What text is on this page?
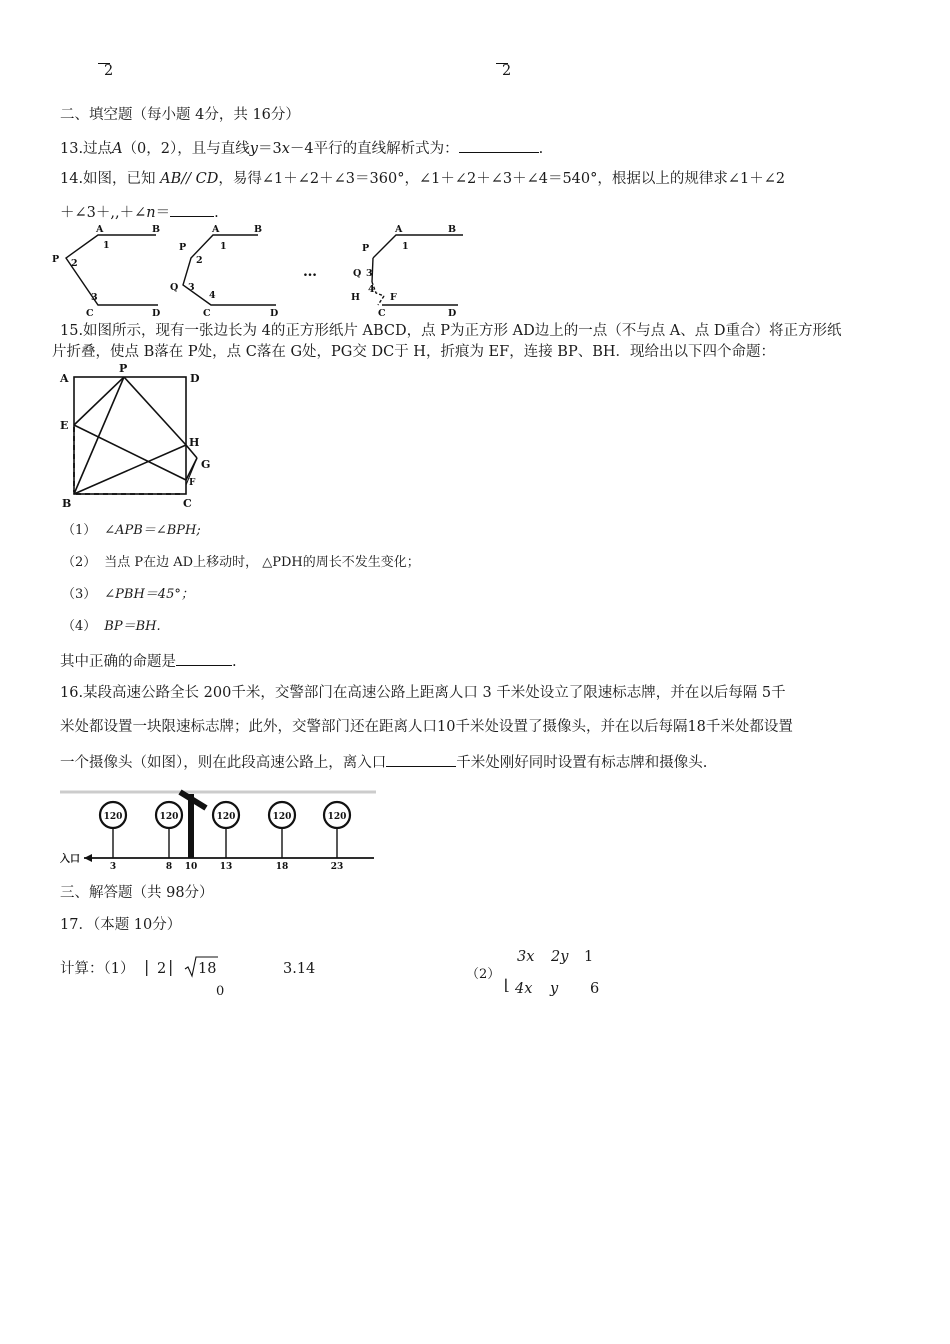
2	2
二、填空题（每小题 4分，共 16分）
13.过点A（0，2），且与直线y＝3x－4平行的直线解析式为：	.
14.如图，已知 AB// CD，易得∠1＋∠2＋∠3＝360°，∠1＋∠2＋∠3＋∠4＝540°，根据以上的规律求∠1＋∠2
＋∠3＋,,＋∠n＝	.
A	B
1
P 2
3
C	D
A	B
P	1
2
Q 3
4
C	D
…
A	B
P	1
Q 3
H
4
F
C	D
15.如图所示，现有一张边长为 4的正方形纸片 ABCD，点 P为正方形 AD边上的一点（不与点 A、点 D重合）将正方形纸
片折叠，使点 B落在 P处，点 C落在 G处，PG交 DC于 H，折痕为 EF，连接 BP、BH．现给出以下四个命题：
A
P
D
E
H
G
F
B	C
（1） ∠APB＝∠BPH;
（2） 当点 P在边 AD上移动时， △PDH的周长不发生变化；
（3） ∠PBH＝45°；
（4） BP＝BH.
其中正确的命题是	.
16.某段高速公路全长 200千米，交警部门在高速公路上距离人口 3 千米处设立了限速标志牌，并在以后每隔 5千
米处都设置一块限速标志牌；此外，交警部门还在距离人口10千米处设置了摄像头，并在以后每隔18千米处都设置
一个摄像头（如图），则在此段高速公路上，离入口	千米处刚好同时设置有标志牌和摄像头.
入口
120	120	120	120	120
3	8 10 13	18	23
三、解答题（共 98分）
17．（本题 10分）
计算：（1） | 2 | 18	3.14
0
（2）
⌊
3x 2y 1
4x y 6
